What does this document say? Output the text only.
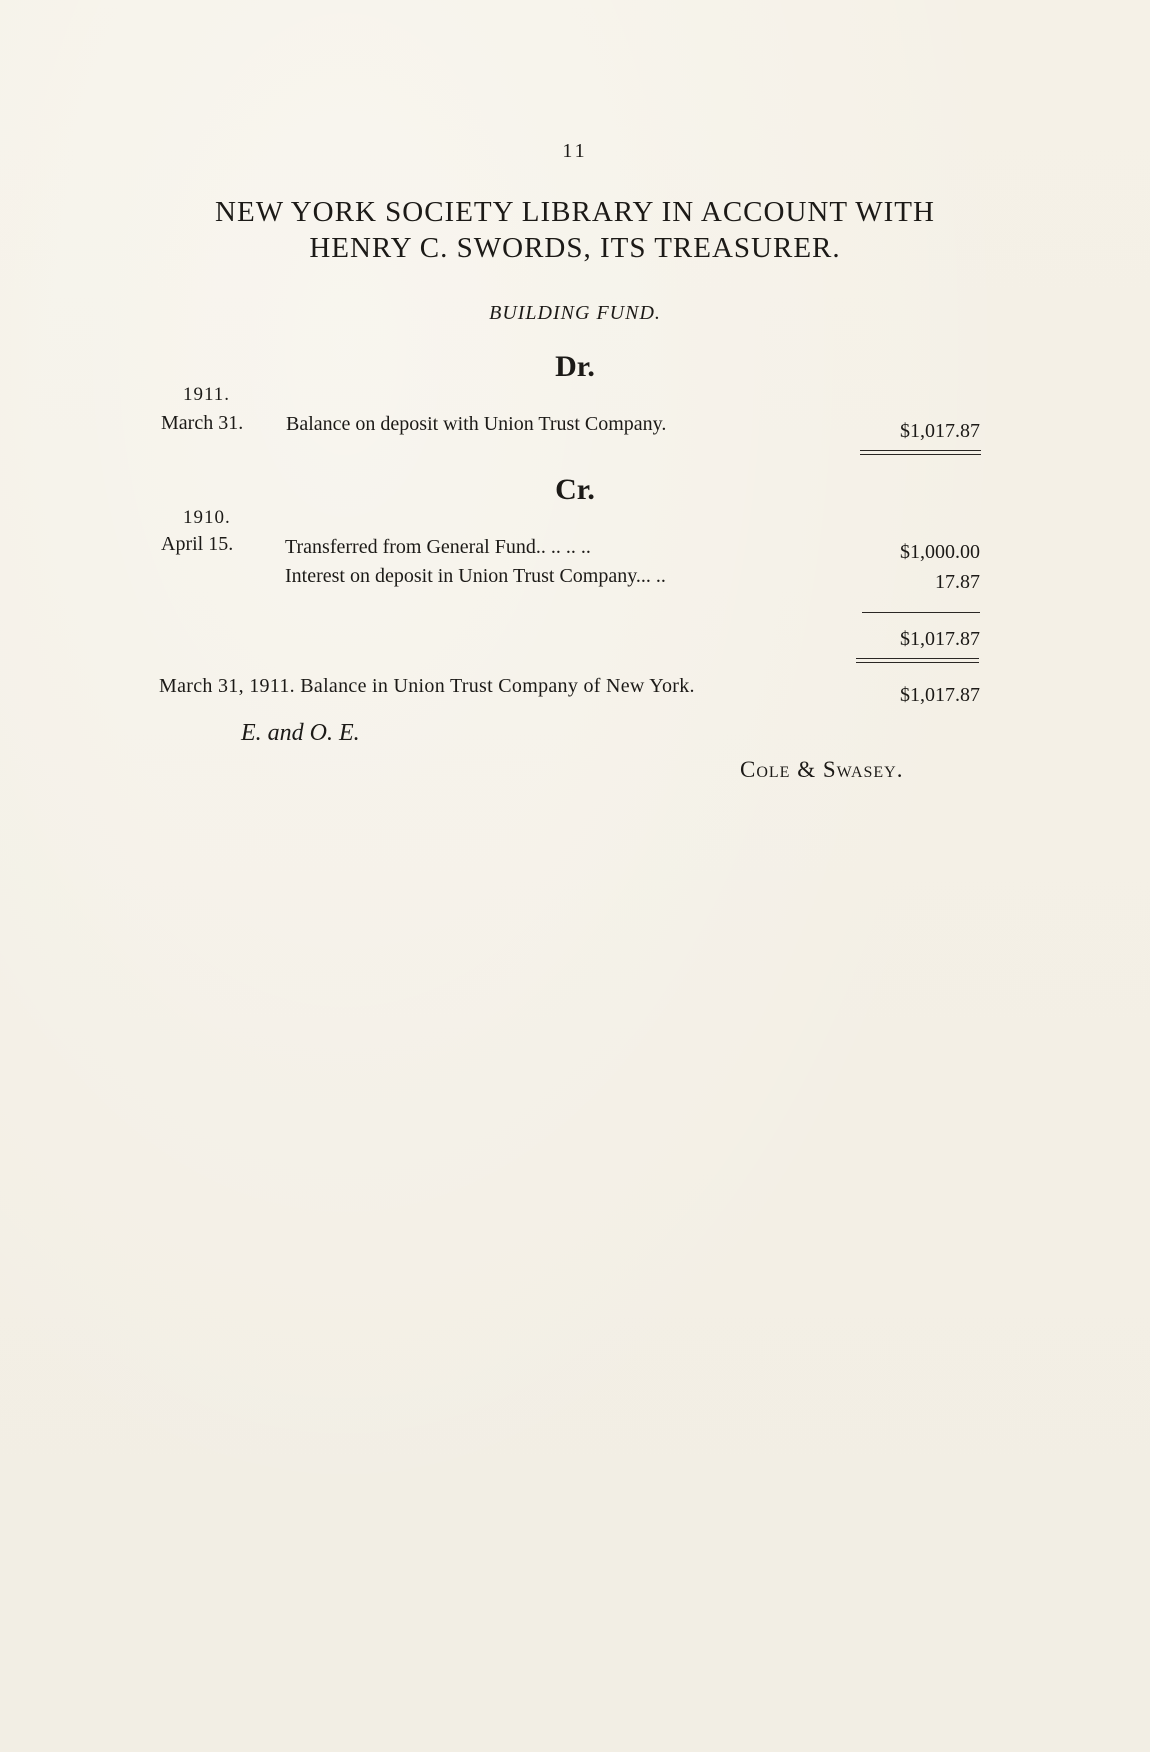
11
NEW YORK SOCIETY LIBRARY IN ACCOUNT WITH
HENRY C. SWORDS, ITS TREASURER.
BUILDING FUND.
Dr.
1911.
March 31. Balance on deposit with Union Trust Company.	$1,017.87
Cr.
1910.
April 15.	Transferred from General Fund.. .. .. ..	$1,000.00
Interest on deposit in Union Trust Company... ..	17.87
$1,017.87
March 31, 1911. Balance in Union Trust Company of New York.	$1,017.87
E. and O. E.
Cole & Swasey.
